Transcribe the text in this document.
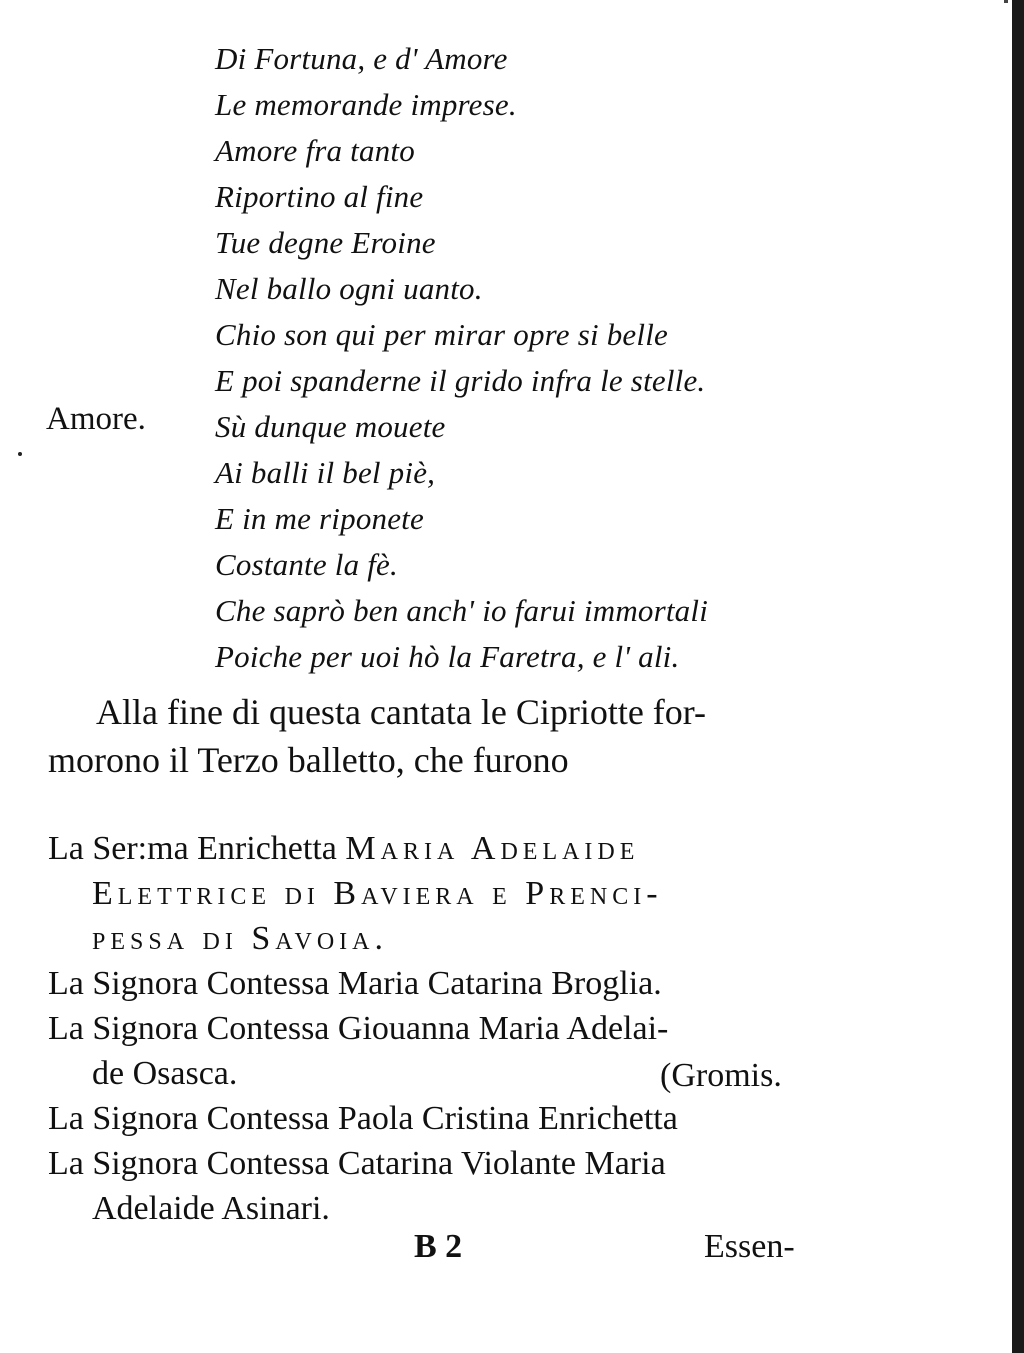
Di Fortuna, e d' Amore
Le memorande imprese.
Amore fra tanto
Riportino al fine
Tue degne Eroine
Nel ballo ogni uanto.
Chio son qui per mirar opre si belle
E poi spanderne il grido infra le stelle.
Sù dunque mouete
Ai balli il bel piè,
E in me riponete
Costante la fè.
Che saprò ben anch' io farui immortali
Poiche per uoi hò la Faretra, e l' ali.
Amore.

Alla fine di questa cantata le Cipriotte for-
morono il Terzo balletto, che furono

La Ser:ma Enrichetta Maria Adelaide
Elettrice di Baviera e Prenci-
pessa di Savoia.
La Signora Contessa Maria Catarina Broglia.
La Signora Contessa Giouanna Maria Adelai-
de Osasca.
La Signora Contessa Paola Cristina Enrichetta
La Signora Contessa Catarina Violante Maria
Adelaide Asinari.
(Gromis.
B 2	Essen-
